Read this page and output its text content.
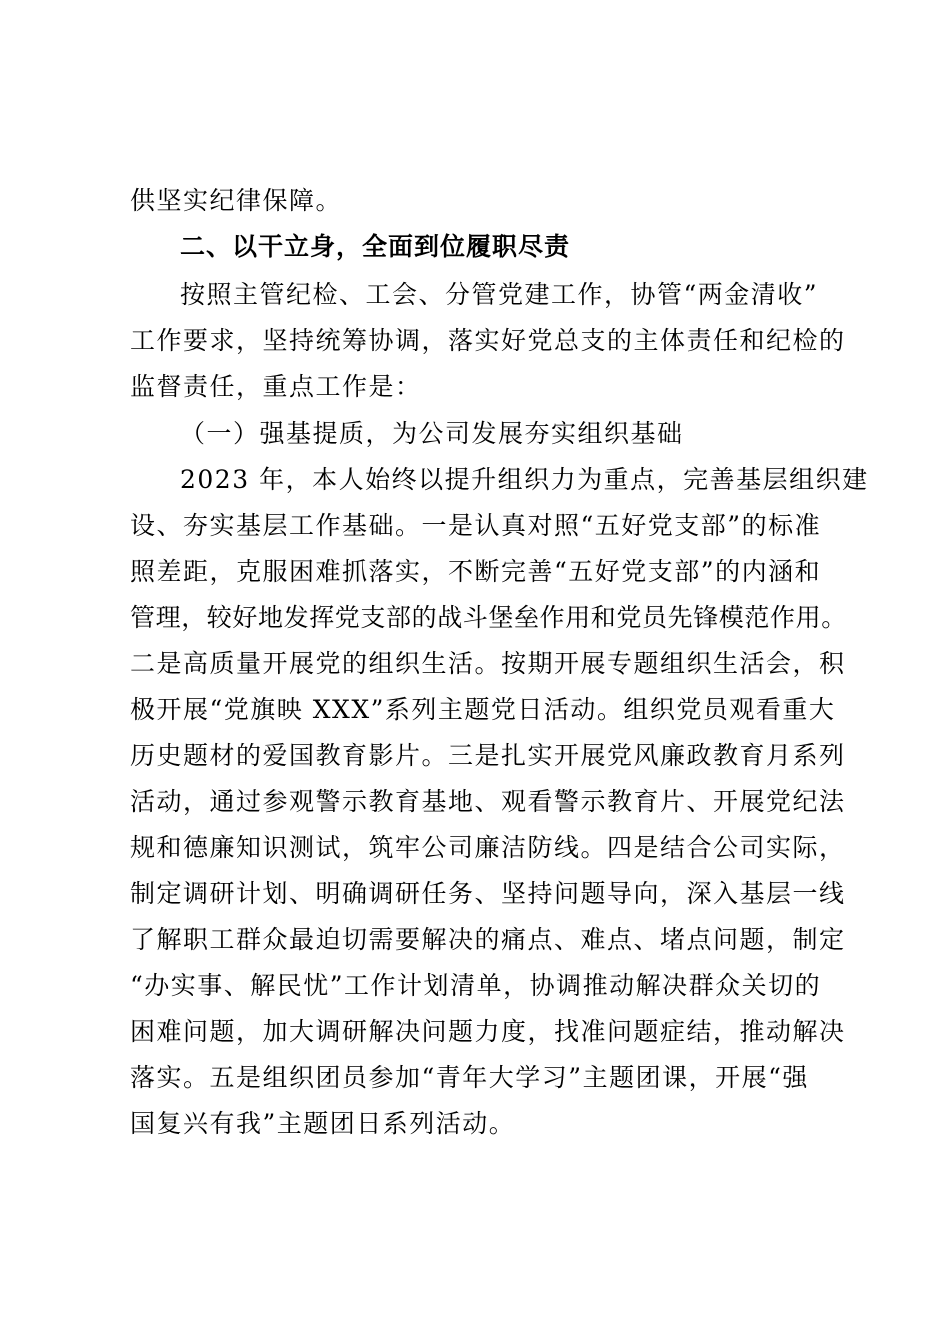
供坚实纪律保障。
二、以干立身，全面到位履职尽责
按照主管纪检、工会、分管党建工作，协管“两金清收”
工作要求，坚持统筹协调，落实好党总支的主体责任和纪检的
监督责任，重点工作是：
（一）强基提质，为公司发展夯实组织基础
2023 年，本人始终以提升组织力为重点，完善基层组织建
设、夯实基层工作基础。一是认真对照“五好党支部”的标准
照差距，克服困难抓落实，不断完善“五好党支部”的内涵和
管理，较好地发挥党支部的战斗堡垒作用和党员先锋模范作用。
二是高质量开展党的组织生活。按期开展专题组织生活会，积
极开展“党旗映 XXX”系列主题党日活动。组织党员观看重大
历史题材的爱国教育影片。三是扎实开展党风廉政教育月系列
活动，通过参观警示教育基地、观看警示教育片、开展党纪法
规和德廉知识测试，筑牢公司廉洁防线。四是结合公司实际，
制定调研计划、明确调研任务、坚持问题导向，深入基层一线
了解职工群众最迫切需要解决的痛点、难点、堵点问题，制定
“办实事、解民忧”工作计划清单，协调推动解决群众关切的
困难问题，加大调研解决问题力度，找准问题症结，推动解决
落实。五是组织团员参加“青年大学习”主题团课，开展“强
国复兴有我”主题团日系列活动。
